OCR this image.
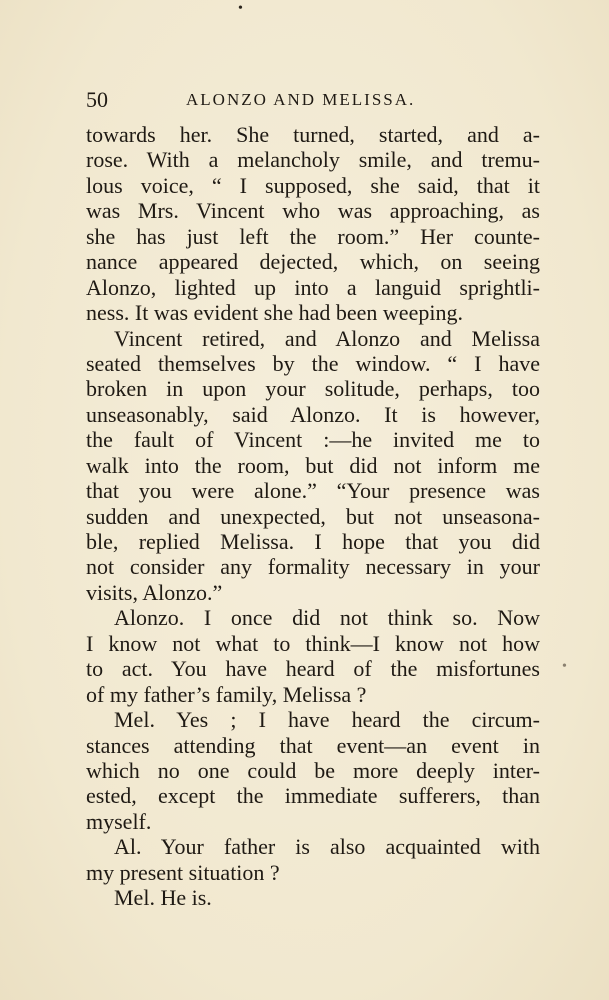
•
•
50	ALONZO AND MELISSA.
towards her. She turned, started, and a-
rose. With a melancholy smile, and tremu-
lous voice, “ I supposed, she said, that it
was Mrs. Vincent who was approaching, as
she has just left the room.” Her counte-
nance appeared dejected, which, on seeing
Alonzo, lighted up into a languid sprightli-
ness. It was evident she had been weeping.
Vincent retired, and Alonzo and Melissa
seated themselves by the window. “ I have
broken in upon your solitude, perhaps, too
unseasonably, said Alonzo. It is however,
the fault of Vincent :—he invited me to
walk into the room, but did not inform me
that you were alone.” “Your presence was
sudden and unexpected, but not unseasona-
ble, replied Melissa. I hope that you did
not consider any formality necessary in your
visits, Alonzo.”
Alonzo. I once did not think so. Now
I know not what to think—I know not how
to act. You have heard of the misfortunes
of my father’s family, Melissa ?
Mel. Yes ; I have heard the circum-
stances attending that event—an event in
which no one could be more deeply inter-
ested, except the immediate sufferers, than
myself.
Al. Your father is also acquainted with
my present situation ?
Mel. He is.
